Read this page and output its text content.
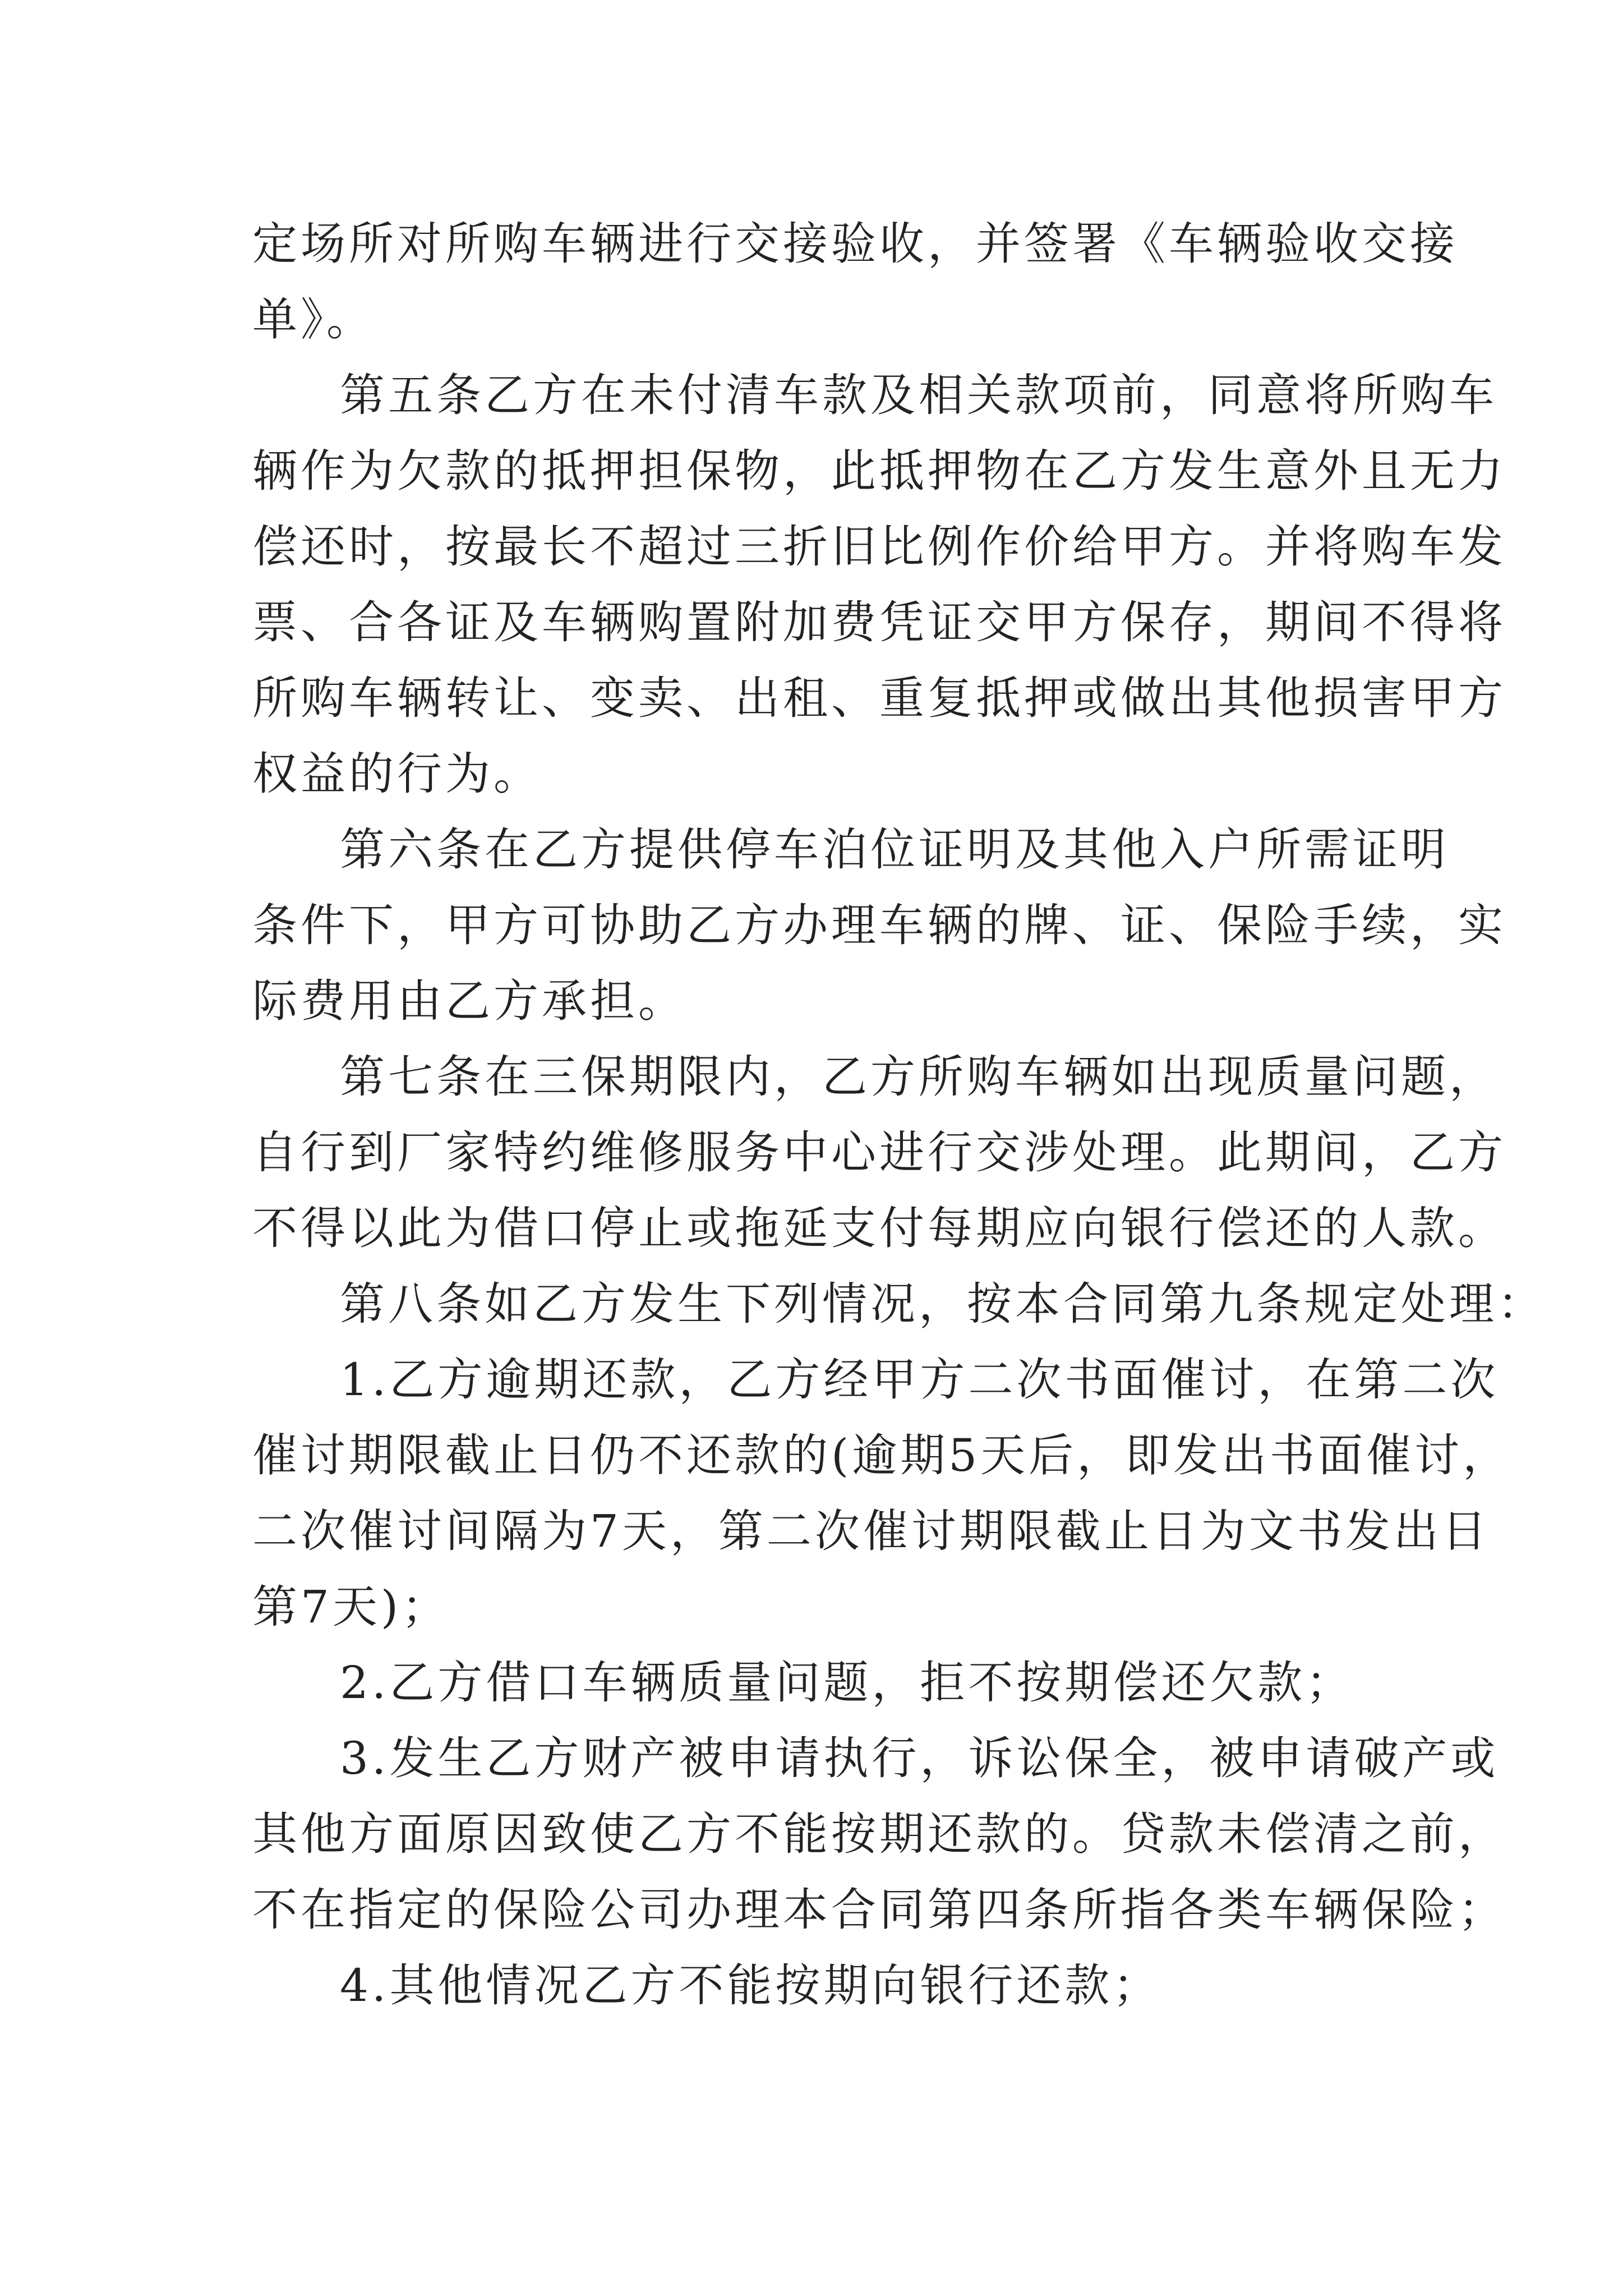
定场所对所购车辆进行交接验收，并签署《车辆验收交接
单》。
第五条乙方在未付清车款及相关款项前，同意将所购车
辆作为欠款的抵押担保物，此抵押物在乙方发生意外且无力
偿还时，按最长不超过三折旧比例作价给甲方。并将购车发
票、合各证及车辆购置附加费凭证交甲方保存，期间不得将
所购车辆转让、变卖、出租、重复抵押或做出其他损害甲方
权益的行为。
第六条在乙方提供停车泊位证明及其他入户所需证明
条件下，甲方可协助乙方办理车辆的牌、证、保险手续，实
际费用由乙方承担。
第七条在三保期限内，乙方所购车辆如出现质量问题，
自行到厂家特约维修服务中心进行交涉处理。此期间，乙方
不得以此为借口停止或拖延支付每期应向银行偿还的人款。
第八条如乙方发生下列情况，按本合同第九条规定处理：
1.乙方逾期还款，乙方经甲方二次书面催讨，在第二次
催讨期限截止日仍不还款的(逾期5天后，即发出书面催讨，
二次催讨间隔为7天，第二次催讨期限截止日为文书发出日
第7天)；
2.乙方借口车辆质量问题，拒不按期偿还欠款；
3.发生乙方财产被申请执行，诉讼保全，被申请破产或
其他方面原因致使乙方不能按期还款的。贷款未偿清之前，
不在指定的保险公司办理本合同第四条所指各类车辆保险；
4.其他情况乙方不能按期向银行还款；
